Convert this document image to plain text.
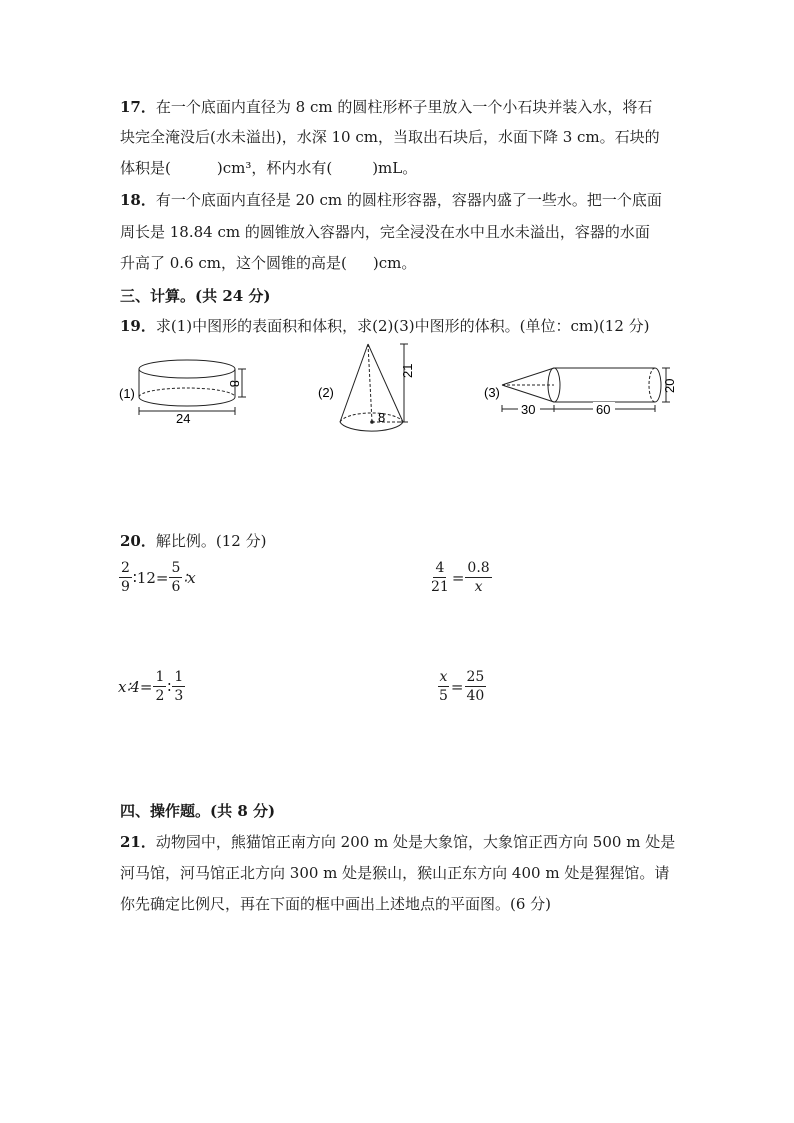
17．在一个底面内直径为 8 cm 的圆柱形杯子里放入一个小石块并装入水，将石
块完全淹没后(水未溢出)，水深 10 cm，当取出石块后，水面下降 3 cm。石块的
体积是(	)cm³，杯内水有(	)mL。
18．有一个底面内直径是 20 cm 的圆柱形容器，容器内盛了一些水。把一个底面
周长是 18.84 cm 的圆锥放入容器内，完全浸没在水中且水未溢出，容器的水面
升高了 0.6 cm，这个圆锥的高是( )cm。
三、计算。(共 24 分)
19．求(1)中图形的表面积和体积，求(2)(3)中图形的体积。(单位：cm)(12 分)
(1)
24
8
(2)
8
21
(3)
30	60
20
20．解比例。(12 分)
$\frac{2}{9}$ ∶12= $\frac{5}{6}$ ∶x	$\frac{4}{21} = \frac{0.8}{x}$
x∶4= $\frac{1}{2}$ ∶ $\frac{1}{3}$	$\frac{x}{5} = \frac{25}{40}$
四、操作题。(共 8 分)
21．动物园中，熊猫馆正南方向 200 m 处是大象馆，大象馆正西方向 500 m 处是
河马馆，河马馆正北方向 300 m 处是猴山，猴山正东方向 400 m 处是猩猩馆。请
你先确定比例尺，再在下面的框中画出上述地点的平面图。(6 分)
